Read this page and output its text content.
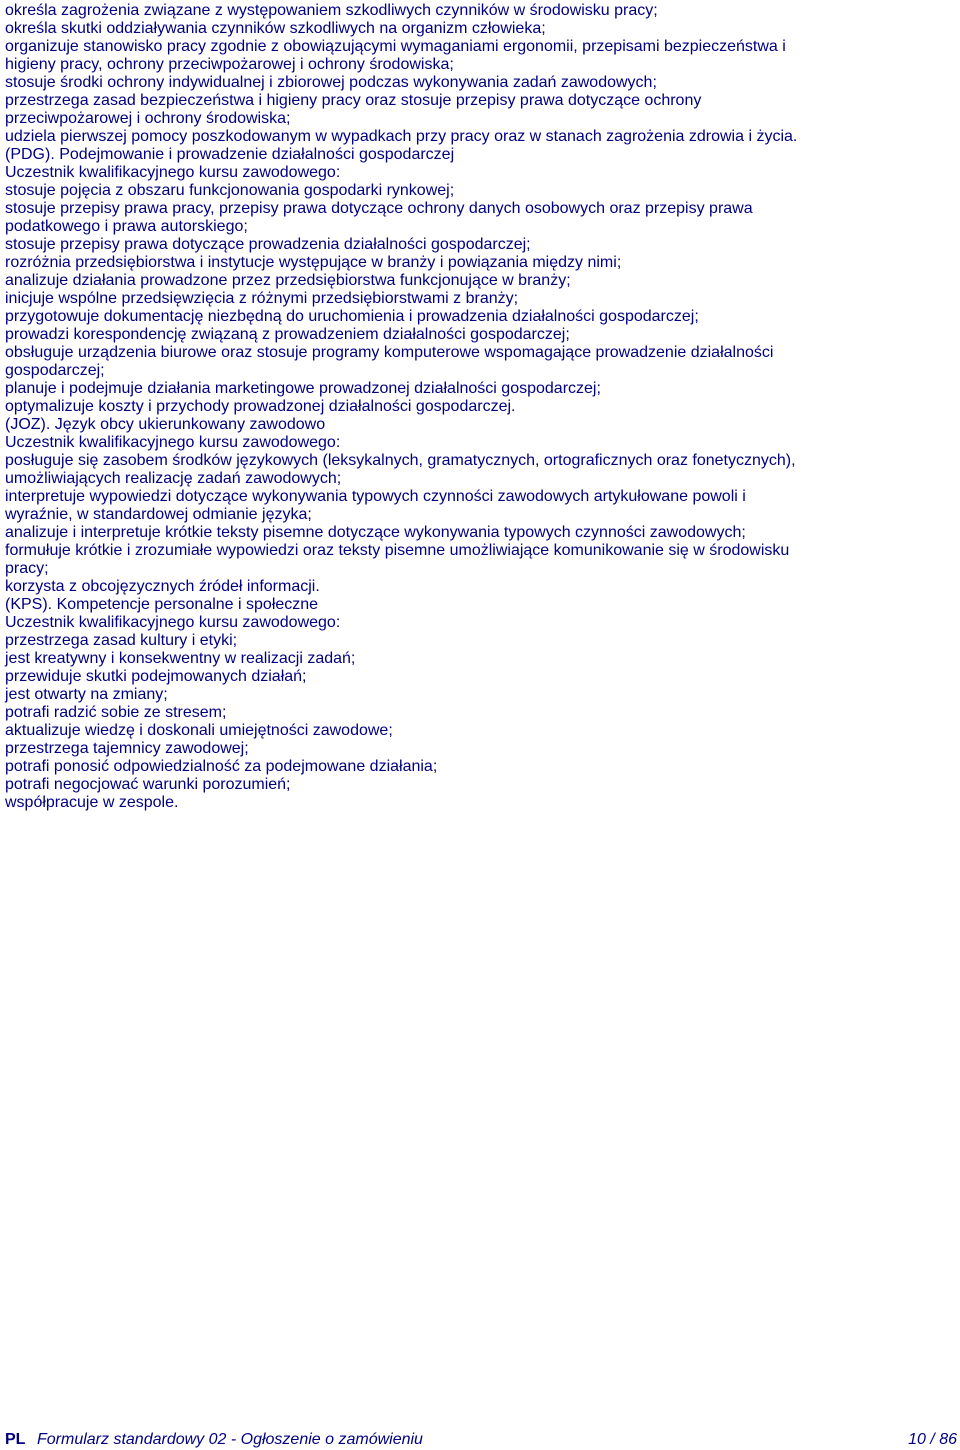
określa zagrożenia związane z występowaniem szkodliwych czynników w środowisku pracy;
określa skutki oddziaływania czynników szkodliwych na organizm człowieka;
organizuje stanowisko pracy zgodnie z obowiązującymi wymaganiami ergonomii, przepisami bezpieczeństwa i
higieny pracy, ochrony przeciwpożarowej i ochrony środowiska;
stosuje środki ochrony indywidualnej i zbiorowej podczas wykonywania zadań zawodowych;
przestrzega zasad bezpieczeństwa i higieny pracy oraz stosuje przepisy prawa dotyczące ochrony
przeciwpożarowej i ochrony środowiska;
udziela pierwszej pomocy poszkodowanym w wypadkach przy pracy oraz w stanach zagrożenia zdrowia i życia.
(PDG). Podejmowanie i prowadzenie działalności gospodarczej
Uczestnik kwalifikacyjnego kursu zawodowego:
stosuje pojęcia z obszaru funkcjonowania gospodarki rynkowej;
stosuje przepisy prawa pracy, przepisy prawa dotyczące ochrony danych osobowych oraz przepisy prawa
podatkowego i prawa autorskiego;
stosuje przepisy prawa dotyczące prowadzenia działalności gospodarczej;
rozróżnia przedsiębiorstwa i instytucje występujące w branży i powiązania między nimi;
analizuje działania prowadzone przez przedsiębiorstwa funkcjonujące w branży;
inicjuje wspólne przedsięwzięcia z różnymi przedsiębiorstwami z branży;
przygotowuje dokumentację niezbędną do uruchomienia i prowadzenia działalności gospodarczej;
prowadzi korespondencję związaną z prowadzeniem działalności gospodarczej;
obsługuje urządzenia biurowe oraz stosuje programy komputerowe wspomagające prowadzenie działalności
gospodarczej;
planuje i podejmuje działania marketingowe prowadzonej działalności gospodarczej;
optymalizuje koszty i przychody prowadzonej działalności gospodarczej.
(JOZ). Język obcy ukierunkowany zawodowo
Uczestnik kwalifikacyjnego kursu zawodowego:
posługuje się zasobem środków językowych (leksykalnych, gramatycznych, ortograficznych oraz fonetycznych),
umożliwiających realizację zadań zawodowych;
interpretuje wypowiedzi dotyczące wykonywania typowych czynności zawodowych artykułowane powoli i
wyraźnie, w standardowej odmianie języka;
analizuje i interpretuje krótkie teksty pisemne dotyczące wykonywania typowych czynności zawodowych;
formułuje krótkie i zrozumiałe wypowiedzi oraz teksty pisemne umożliwiające komunikowanie się w środowisku
pracy;
korzysta z obcojęzycznych źródeł informacji.
(KPS). Kompetencje personalne i społeczne
Uczestnik kwalifikacyjnego kursu zawodowego:
przestrzega zasad kultury i etyki;
jest kreatywny i konsekwentny w realizacji zadań;
przewiduje skutki podejmowanych działań;
jest otwarty na zmiany;
potrafi radzić sobie ze stresem;
aktualizuje wiedzę i doskonali umiejętności zawodowe;
przestrzega tajemnicy zawodowej;
potrafi ponosić odpowiedzialność za podejmowane działania;
potrafi negocjować warunki porozumień;
współpracuje w zespole.
PL Formularz standardowy 02 - Ogłoszenie o zamówieniu	10 / 86
